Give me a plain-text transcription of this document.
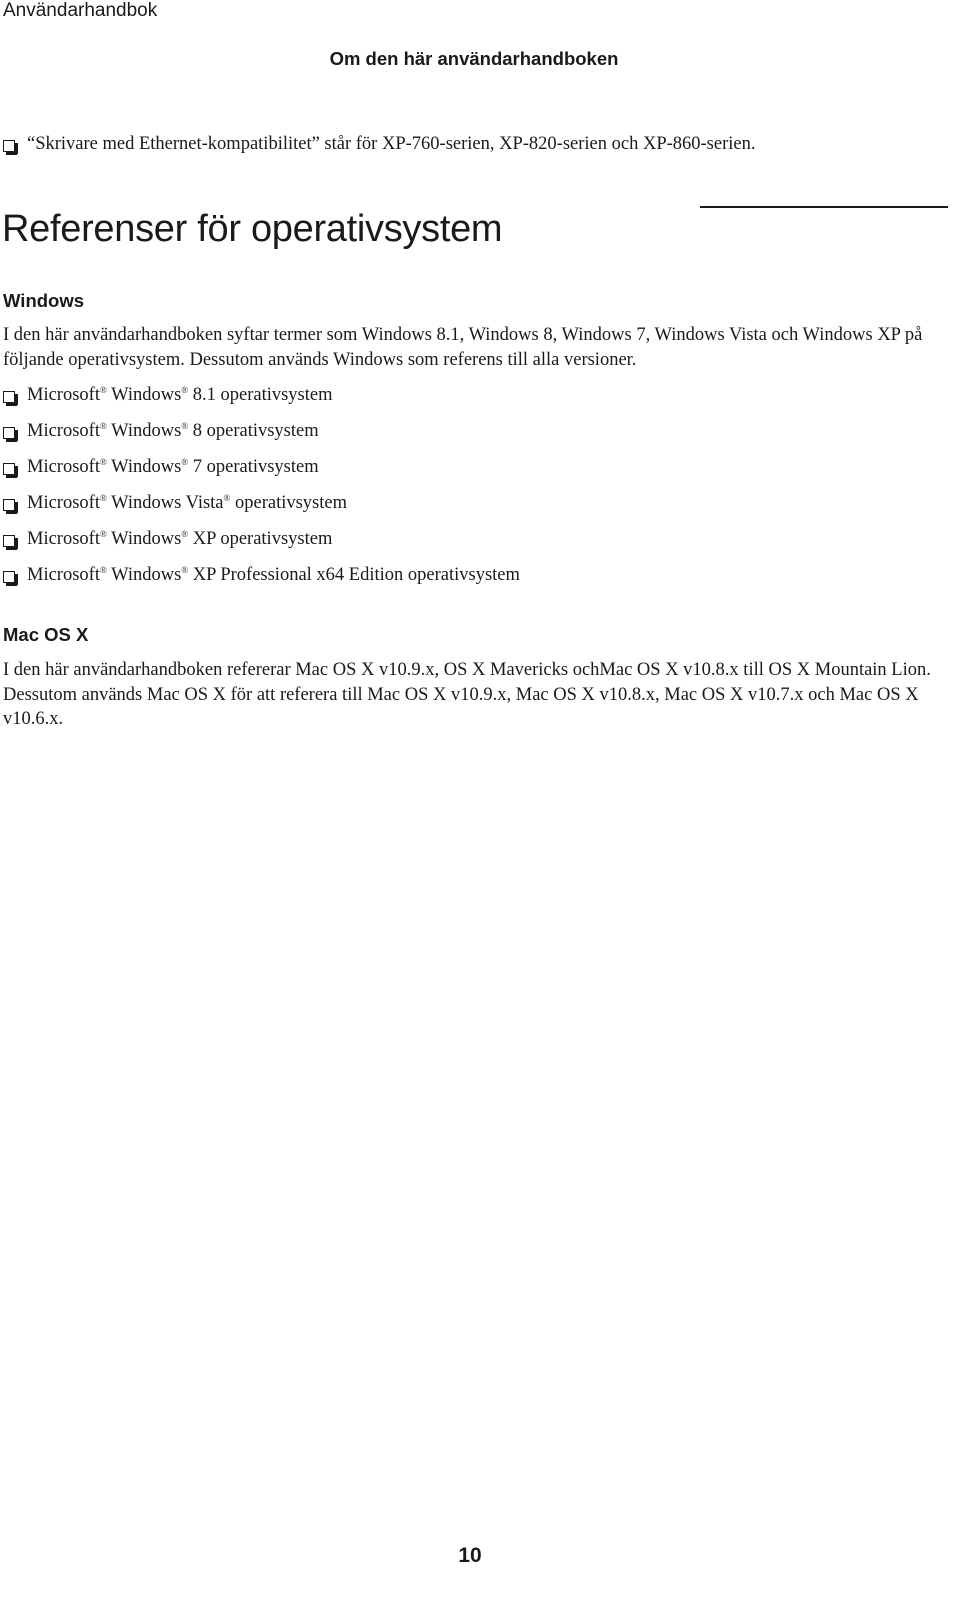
Användarhandbok
Om den här användarhandboken
“Skrivare med Ethernet-kompatibilitet” står för XP-760-serien, XP-820-serien och XP-860-serien.
Referenser för operativsystem
Windows
I den här användarhandboken syftar termer som Windows 8.1, Windows 8, Windows 7, Windows Vista och Windows XP på följande operativsystem. Dessutom används Windows som referens till alla versioner.
Microsoft® Windows® 8.1 operativsystem
Microsoft® Windows® 8 operativsystem
Microsoft® Windows® 7 operativsystem
Microsoft® Windows Vista® operativsystem
Microsoft® Windows® XP operativsystem
Microsoft® Windows® XP Professional x64 Edition operativsystem
Mac OS X
I den här användarhandboken refererar Mac OS X v10.9.x, OS X Mavericks ochMac OS X v10.8.x till OS X Mountain Lion. Dessutom används Mac OS X för att referera till Mac OS X v10.9.x, Mac OS X v10.8.x, Mac OS X v10.7.x och Mac OS X v10.6.x.
10
